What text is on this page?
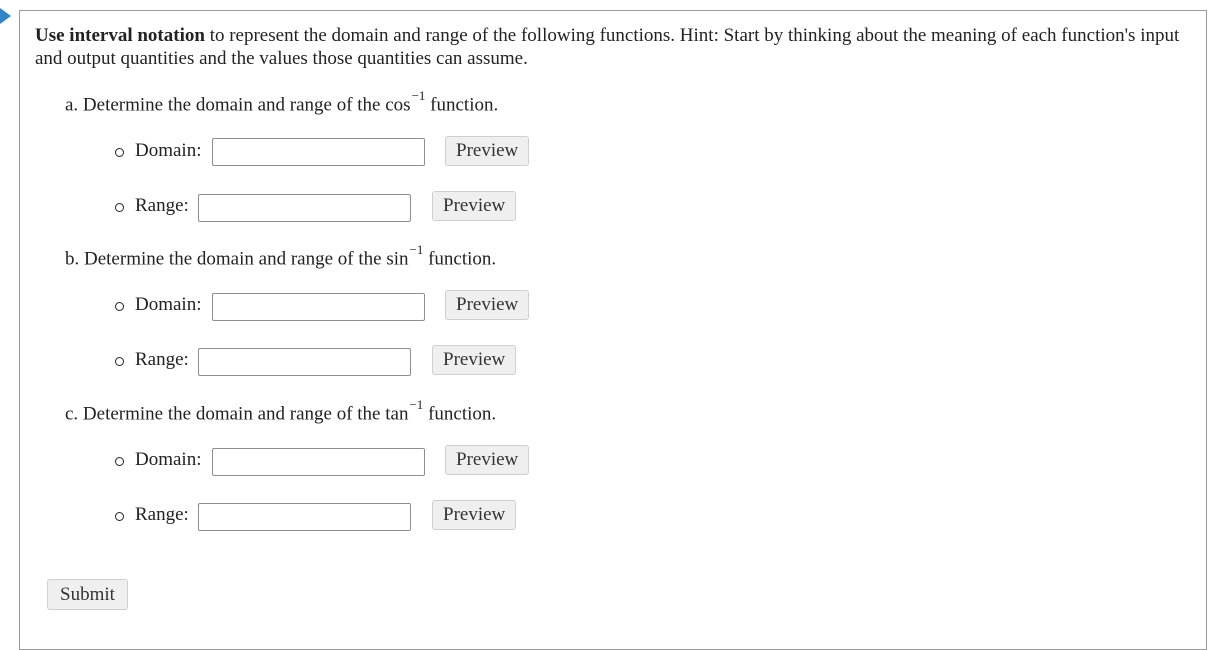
Use interval notation to represent the domain and range of the following functions. Hint: Start by thinking about the meaning of each function's input and output quantities and the values those quantities can assume.
a. Determine the domain and range of the $\cos^{-1}$ function.
Domain:	Preview
Range:	Preview
b. Determine the domain and range of the $\sin^{-1}$ function.
Domain:	Preview
Range:	Preview
c. Determine the domain and range of the $\tan^{-1}$ function.
Domain:	Preview
Range:	Preview
Submit
